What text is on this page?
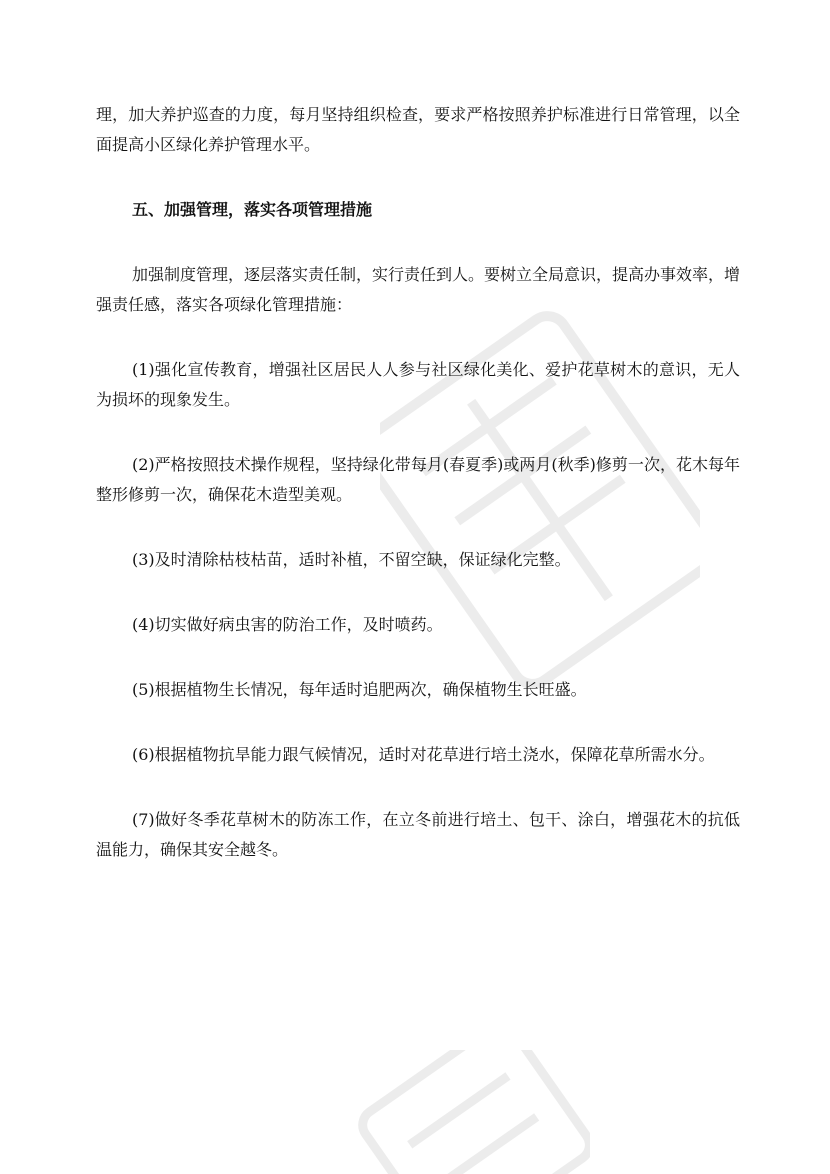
理，加大养护巡查的力度，每月坚持组织检查，要求严格按照养护标准进行日常管理，以全面提高小区绿化养护管理水平。

五、加强管理，落实各项管理措施

加强制度管理，逐层落实责任制，实行责任到人。要树立全局意识，提高办事效率，增强责任感，落实各项绿化管理措施：

(1)强化宣传教育，增强社区居民人人参与社区绿化美化、爱护花草树木的意识，无人为损坏的现象发生。

(2)严格按照技术操作规程，坚持绿化带每月(春夏季)或两月(秋季)修剪一次，花木每年整形修剪一次，确保花木造型美观。

(3)及时清除枯枝枯苗，适时补植，不留空缺，保证绿化完整。

(4)切实做好病虫害的防治工作，及时喷药。

(5)根据植物生长情况，每年适时追肥两次，确保植物生长旺盛。

(6)根据植物抗旱能力跟气候情况，适时对花草进行培土浇水，保障花草所需水分。

(7)做好冬季花草树木的防冻工作，在立冬前进行培土、包干、涂白，增强花木的抗低温能力，确保其安全越冬。
